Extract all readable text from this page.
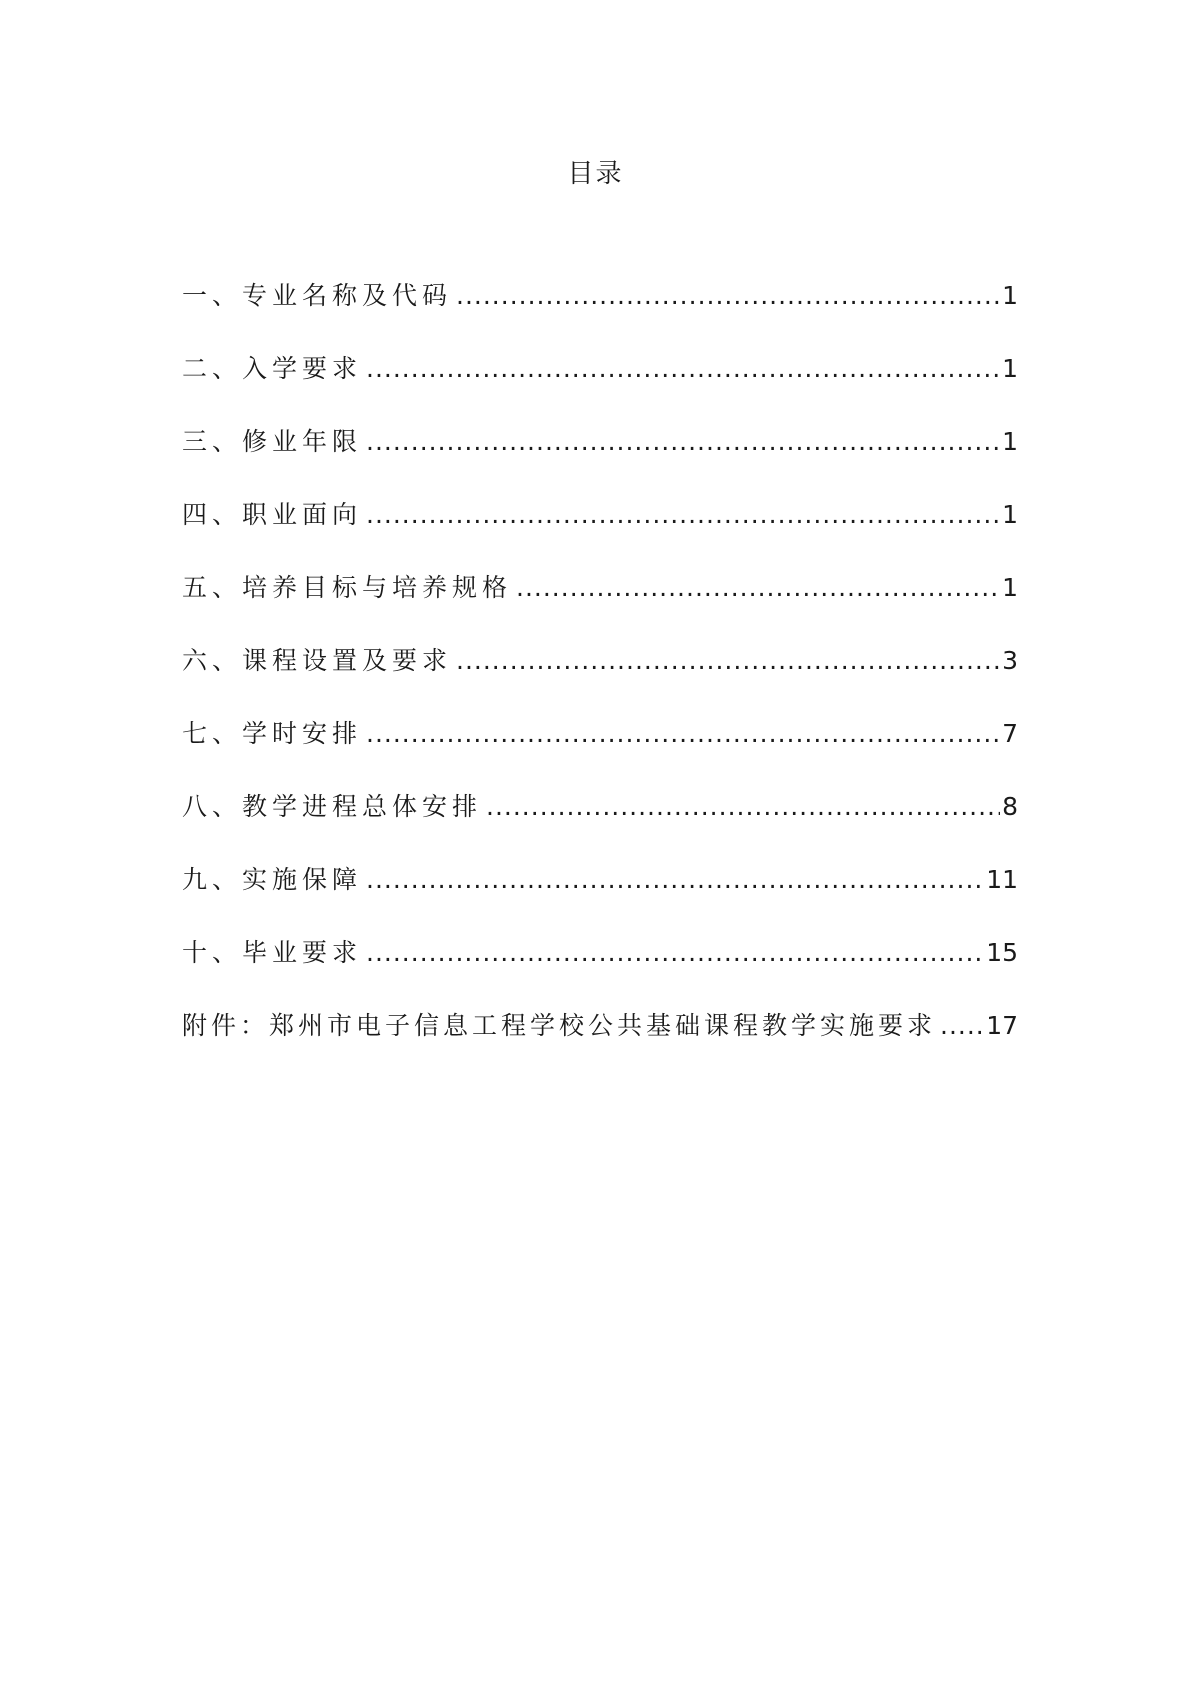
目录
一、专业名称及代码 .....	1
二、入学要求 .....	1
三、修业年限 .....	1
四、职业面向 .....	1
五、培养目标与培养规格 .....	1
六、课程设置及要求 .....	3
七、学时安排 .....	7
八、教学进程总体安排 .....	8
九、实施保障 .....	11
十、毕业要求 .....	15
附件：郑州市电子信息工程学校公共基础课程教学实施要求 ..... 17
